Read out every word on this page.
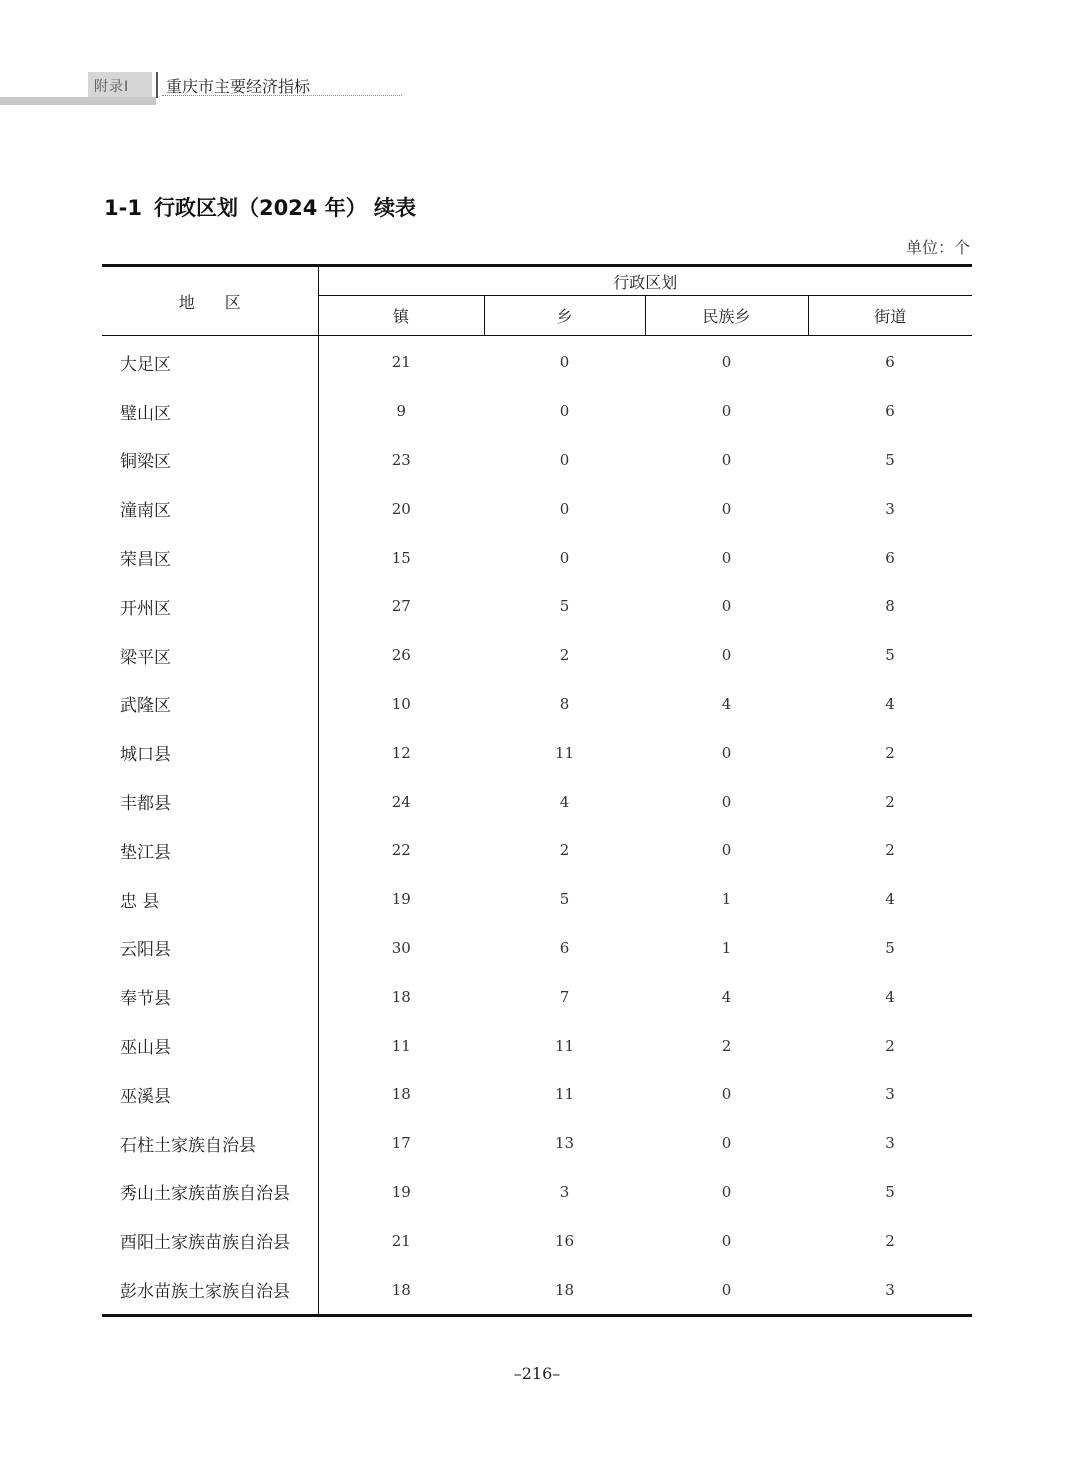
附录Ⅰ 重庆市主要经济指标
1-1 行政区划（2024 年） 续表
单位：个
地区	行政区划			
	镇	乡	民族乡	街道
大足区	21	0	0	6
璧山区	9	0	0	6
铜梁区	23	0	0	5
潼南区	20	0	0	3
荣昌区	15	0	0	6
开州区	27	5	0	8
梁平区	26	2	0	5
武隆区	10	8	4	4
城口县	12	11	0	2
丰都县	24	4	0	2
垫江县	22	2	0	2
忠 县	19	5	1	4
云阳县	30	6	1	5
奉节县	18	7	4	4
巫山县	11	11	2	2
巫溪县	18	11	0	3
石柱土家族自治县	17	13	0	3
秀山土家族苗族自治县	19	3	0	5
酉阳土家族苗族自治县	21	16	0	2
彭水苗族土家族自治县	18	18	0	3
–216–
